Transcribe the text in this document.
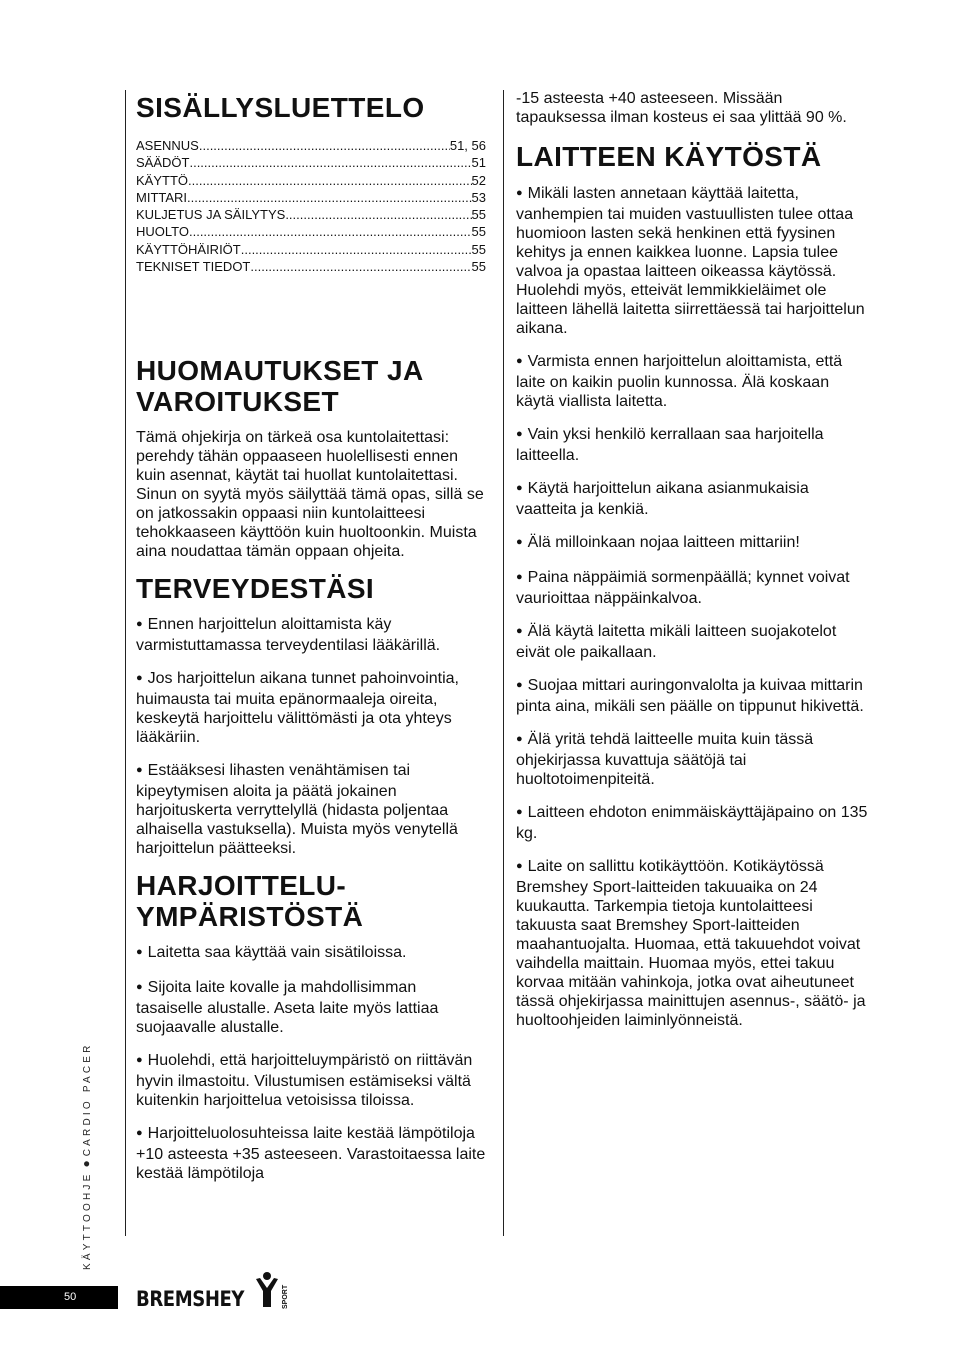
SISÄLLYSLUETTELO
ASENNUS .....	51, 56
SÄÄDÖT .....	51
KÄYTTÖ .....	52
MITTARI .....	53
KULJETUS JA SÄILYTYS .....	55
HUOLTO .....	55
KÄYTTÖHÄIRIÖT .....	55
TEKNISET TIEDOT .....	55
HUOMAUTUKSET JA
VAROITUKSET

Tämä ohjekirja on tärkeä osa kuntolaitettasi: perehdy tähän oppaaseen huolellisesti ennen kuin asennat, käytät tai huollat kuntolaitettasi. Sinun on syytä myös säilyttää tämä opas, sillä se on jatkossakin oppaasi niin kuntolaitteesi tehokkaaseen käyttöön kuin huoltoonkin. Muista aina noudattaa tämän oppaan ohjeita.

TERVEYDESTÄSI

● Ennen harjoittelun aloittamista käy varmistuttamassa terveydentilasi lääkärillä.

● Jos harjoittelun aikana tunnet pahoinvointia, huimausta tai muita epänormaaleja oireita, keskeytä harjoittelu välittömästi ja ota yhteys lääkäriin.

● Estääksesi lihasten venähtämisen tai kipeytymisen aloita ja päätä jokainen harjoituskerta verryttelyllä (hidasta poljentaa alhaisella vastuksella). Muista myös venytellä harjoittelun päätteeksi.

HARJOITTELU-
YMPÄRISTÖSTÄ

● Laitetta saa käyttää vain sisätiloissa.

● Sijoita laite kovalle ja mahdollisimman tasaiselle alustalle. Aseta laite myös lattiaa suojaavalle alustalle.

● Huolehdi, että harjoitteluympäristö on riittävän hyvin ilmastoitu. Vilustumisen estämiseksi vältä kuitenkin harjoittelua vetoisissa tiloissa.

● Harjoitteluolosuhteissa laite kestää lämpötiloja +10 asteesta +35 asteeseen. Varastoitaessa laite kestää lämpötiloja

-15 asteesta +40 asteeseen. Missään tapauksessa ilman kosteus ei saa ylittää 90 %.

LAITTEEN KÄYTÖSTÄ

● Mikäli lasten annetaan käyttää laitetta, vanhempien tai muiden vastuullisten tulee ottaa huomioon lasten sekä henkinen että fyysinen kehitys ja ennen kaikkea luonne. Lapsia tulee valvoa ja opastaa laitteen oikeassa käytössä. Huolehdi myös, etteivät lemmikkieläimet ole laitteen lähellä laitetta siirrettäessä tai harjoittelun aikana.

● Varmista ennen harjoittelun aloittamista, että laite on kaikin puolin kunnossa. Älä koskaan käytä viallista laitetta.

● Vain yksi henkilö kerrallaan saa harjoitella laitteella.

● Käytä harjoittelun aikana asianmukaisia vaatteita ja kenkiä.

● Älä milloinkaan nojaa laitteen mittariin!

● Paina näppäimiä sormenpäällä; kynnet voivat vaurioittaa näppäinkalvoa.

● Älä käytä laitetta mikäli laitteen suojakotelot eivät ole paikallaan.

● Suojaa mittari auringonvalolta ja kuivaa mittarin pinta aina, mikäli sen päälle on tippunut hikivettä.

● Älä yritä tehdä laitteelle muita kuin tässä ohjekirjassa kuvattuja säätöjä tai huoltotoimenpiteitä.

● Laitteen ehdoton enimmäiskäyttäjäpaino on 135 kg.

● Laite on sallittu kotikäyttöön. Kotikäytössä Bremshey Sport-laitteiden takuuaika on 24 kuukautta. Tarkempia tietoja kuntolaitteesi takuusta saat Bremshey Sport-laitteiden maahantuojalta. Huomaa, että takuuehdot voivat vaihdella maittain. Huomaa myös, ettei takuu korvaa mitään vahinkoja, jotka ovat aiheutuneet tässä ohjekirjassa mainittujen asennus-, säätö- ja huoltoohjeiden laiminlyönneistä.

KÄYTTOOHJE●CARDIO PACER
50	BREMSHEY	SPORT
